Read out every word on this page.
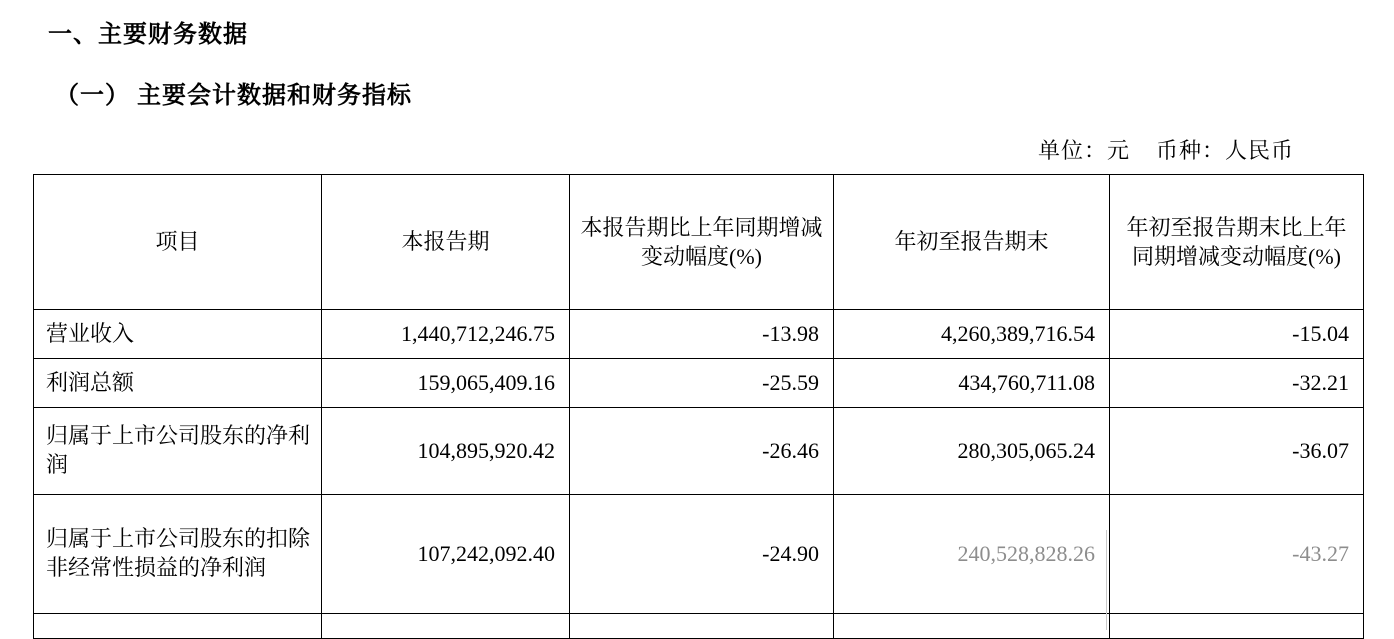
一、主要财务数据
（一） 主要会计数据和财务指标
单位：元 币种：人民币
项目	本报告期	本报告期比上年同期增减变动幅度(%)	年初至报告期末	年初至报告期末比上年同期增减变动幅度(%)
营业收入	1,440,712,246.75	-13.98	4,260,389,716.54	-15.04
利润总额	159,065,409.16	-25.59	434,760,711.08	-32.21
归属于上市公司股东的净利润	104,895,920.42	-26.46	280,305,065.24	-36.07
归属于上市公司股东的扣除非经常性损益的净利润	107,242,092.40	-24.90	240,528,828.26	-43.27
